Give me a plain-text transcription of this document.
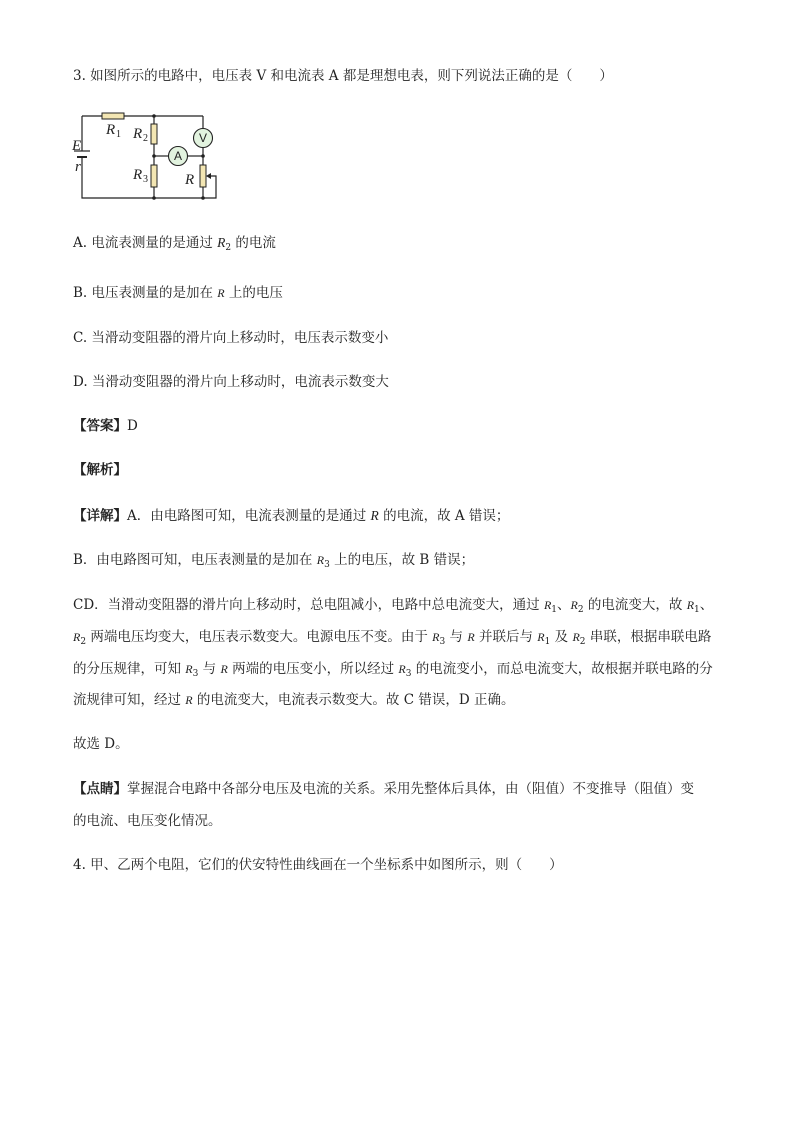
3. 如图所示的电路中，电压表 V 和电流表 A 都是理想电表，则下列说法正确的是（　　）
V
A
E
r
R 1 R 2
R 3 R
A. 电流表测量的是通过 $R_2$ 的电流
B. 电压表测量的是加在 R 上的电压
C. 当滑动变阻器的滑片向上移动时，电压表示数变小
D. 当滑动变阻器的滑片向上移动时，电流表示数变大
【答案】D
【解析】
【详解】A．由电路图可知，电流表测量的是通过 R 的电流，故 A 错误；
B．由电路图可知，电压表测量的是加在 $R_3$ 上的电压，故 B 错误；
CD．当滑动变阻器的滑片向上移动时，总电阻减小，电路中总电流变大，通过 $R_1$、$R_2$ 的电流变大，故 $R_1$、
$R_2$ 两端电压均变大，电压表示数变大。电源电压不变。由于 $R_3$ 与 R 并联后与 $R_1$ 及 $R_2$ 串联，根据串联电路
的分压规律，可知 $R_3$ 与 R 两端的电压变小，所以经过 $R_3$ 的电流变小，而总电流变大，故根据并联电路的分
流规律可知，经过 R 的电流变大，电流表示数变大。故 C 错误，D 正确。
故选 D。
【点睛】掌握混合电路中各部分电压及电流的关系。采用先整体后具体，由（阻值）不变推导（阻值）变
的电流、电压变化情况。
4. 甲、乙两个电阻，它们的伏安特性曲线画在一个坐标系中如图所示，则（　　）
